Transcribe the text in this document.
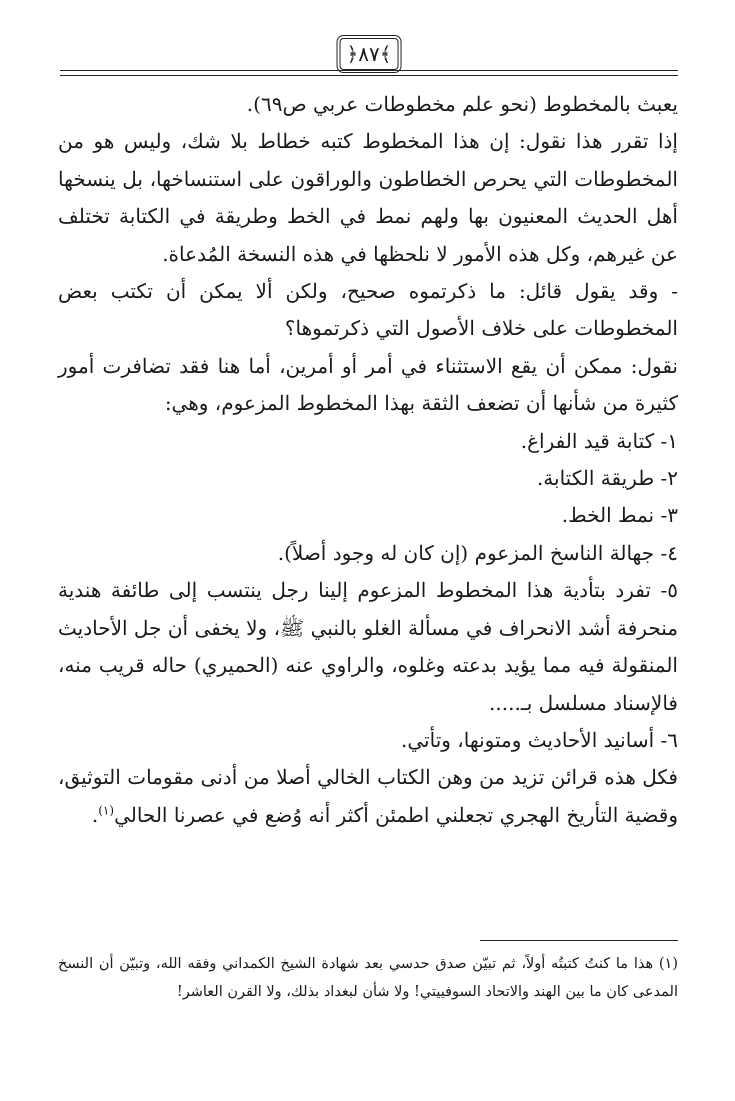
﴿٨٧﴾

يعبث بالمخطوط (نحو علم مخطوطات عربي ص٦٩).

إذا تقرر هذا نقول: إن هذا المخطوط كتبه خطاط بلا شك، وليس هو من المخطوطات التي يحرص الخطاطون والوراقون على استنساخها، بل ينسخها أهل الحديث المعنيون بها ولهم نمط في الخط وطريقة في الكتابة تختلف عن غيرهم، وكل هذه الأمور لا نلحظها في هذه النسخة المُدعاة.

- وقد يقول قائل: ما ذكرتموه صحيح، ولكن ألا يمكن أن تكتب بعض المخطوطات على خلاف الأصول التي ذكرتموها؟

نقول: ممكن أن يقع الاستثناء في أمر أو أمرين، أما هنا فقد تضافرت أمور كثيرة من شأنها أن تضعف الثقة بهذا المخطوط المزعوم، وهي:

١- كتابة قيد الفراغ.

٢- طريقة الكتابة.

٣- نمط الخط.

٤- جهالة الناسخ المزعوم (إن كان له وجود أصلاً).

٥- تفرد بتأدية هذا المخطوط المزعوم إلينا رجل ينتسب إلى طائفة هندية منحرفة أشد الانحراف في مسألة الغلو بالنبي ﷺ، ولا يخفى أن جل الأحاديث المنقولة فيه مما يؤيد بدعته وغلوه، والراوي عنه (الحميري) حاله قريب منه، فالإسناد مسلسل بـ.....

٦- أسانيد الأحاديث ومتونها، وتأتي.

فكل هذه قرائن تزيد من وهن الكتاب الخالي أصلا من أدنى مقومات التوثيق، وقضية التأريخ الهجري تجعلني اطمئن أكثر أنه وُضع في عصرنا الحالي$^{(١)}$.

(١) هذا ما كنتُ كتبتُه أولاً، ثم تبيّن صدق حدسي بعد شهادة الشيخ الكمداني وفقه الله، وتبيّن أن النسخ المدعى كان ما بين الهند والاتحاد السوفييتي! ولا شأن لبغداد بذلك، ولا القرن العاشر!
